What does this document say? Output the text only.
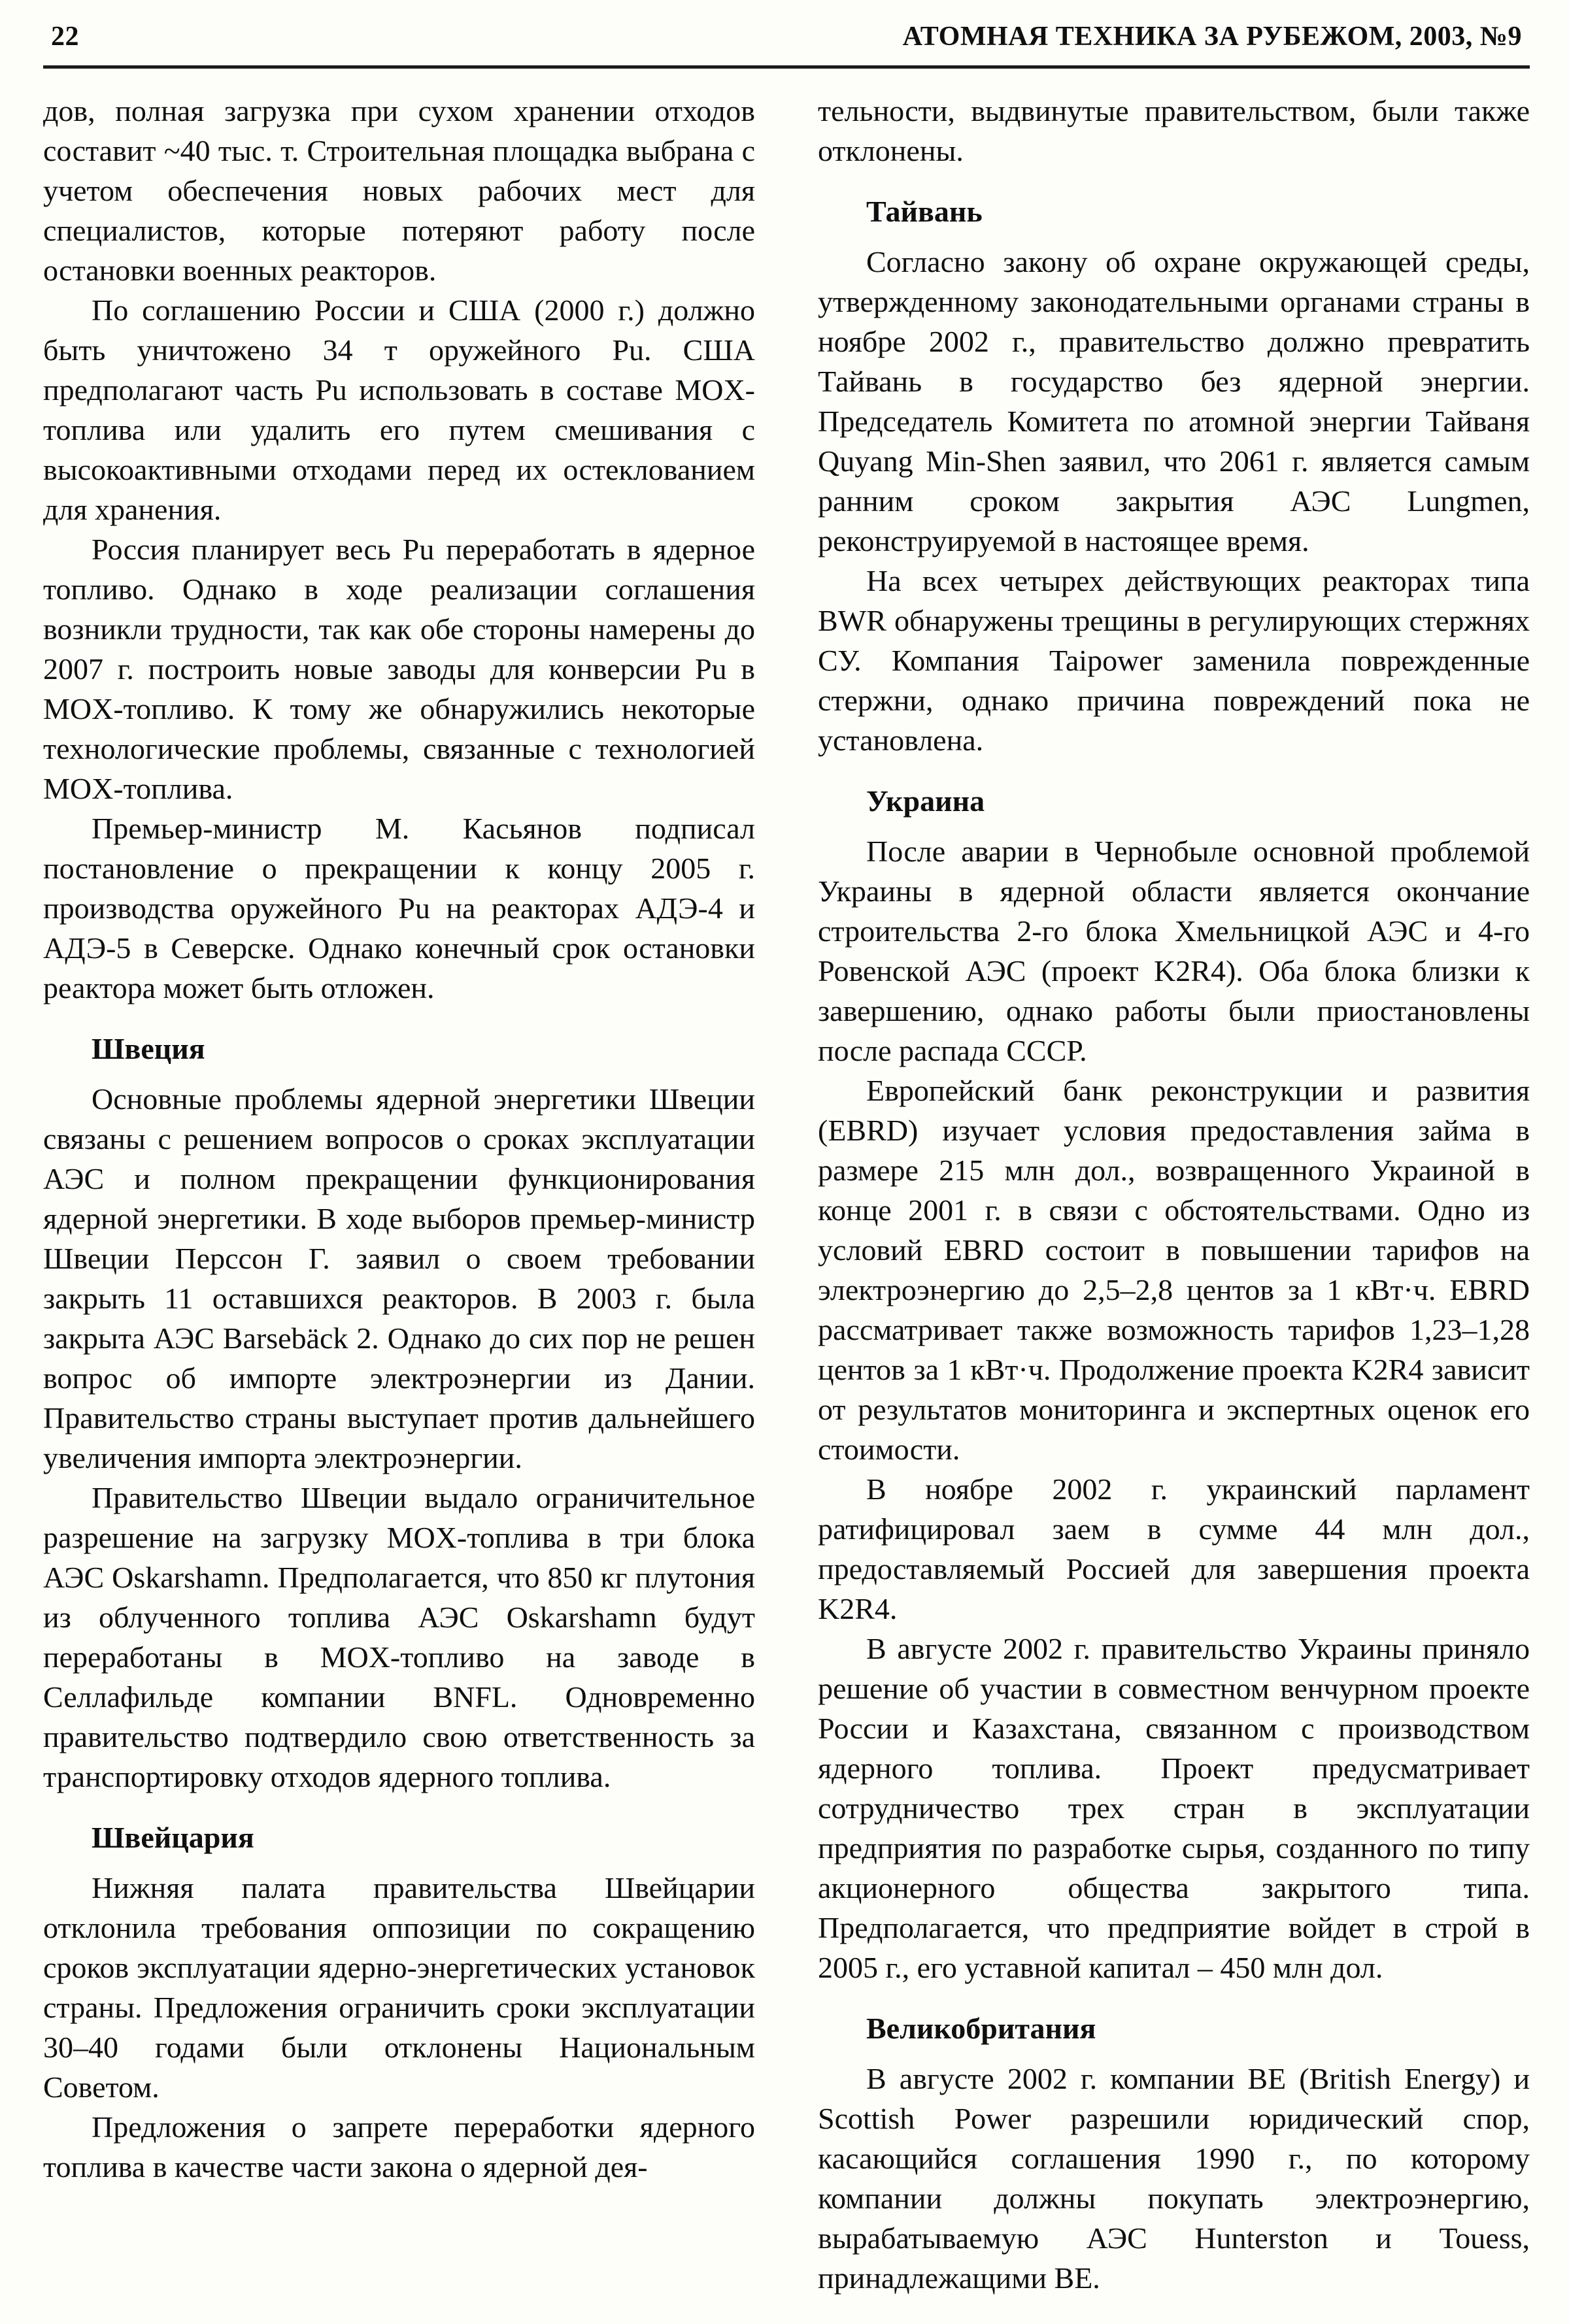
22	АТОМНАЯ ТЕХНИКА ЗА РУБЕЖОМ, 2003, №9

дов, полная загрузка при сухом хранении отходов составит ~40 тыс. т. Строительная площадка выбрана с учетом обеспечения новых рабочих мест для специалистов, которые потеряют работу после остановки военных реакторов.

По соглашению России и США (2000 г.) должно быть уничтожено 34 т оружейного Pu. США предполагают часть Pu использовать в составе MOX-топлива или удалить его путем смешивания с высокоактивными отходами перед их остеклованием для хранения.

Россия планирует весь Pu переработать в ядерное топливо. Однако в ходе реализации соглашения возникли трудности, так как обе стороны намерены до 2007 г. построить новые заводы для конверсии Pu в MOX-топливо. К тому же обнаружились некоторые технологические проблемы, связанные с технологией MOX-топлива.

Премьер-министр М. Касьянов подписал постановление о прекращении к концу 2005 г. производства оружейного Pu на реакторах АДЭ-4 и АДЭ-5 в Северске. Однако конечный срок остановки реактора может быть отложен.

Швеция

Основные проблемы ядерной энергетики Швеции связаны с решением вопросов о сроках эксплуатации АЭС и полном прекращении функционирования ядерной энергетики. В ходе выборов премьер-министр Швеции Перссон Г. заявил о своем требовании закрыть 11 оставшихся реакторов. В 2003 г. была закрыта АЭС Barsebäck 2. Однако до сих пор не решен вопрос об импорте электроэнергии из Дании. Правительство страны выступает против дальнейшего увеличения импорта электроэнергии.

Правительство Швеции выдало ограничительное разрешение на загрузку MOX-топлива в три блока АЭС Oskarshamn. Предполагается, что 850 кг плутония из облученного топлива АЭС Oskarshamn будут переработаны в MOX-топливо на заводе в Селлафильде компании BNFL. Одновременно правительство подтвердило свою ответственность за транспортировку отходов ядерного топлива.

Швейцария

Нижняя палата правительства Швейцарии отклонила требования оппозиции по сокращению сроков эксплуатации ядерно-энергетических установок страны. Предложения ограничить сроки эксплуатации 30–40 годами были отклонены Национальным Советом.

Предложения о запрете переработки ядерного топлива в качестве части закона о ядерной дея-

тельности, выдвинутые правительством, были также отклонены.

Тайвань

Согласно закону об охране окружающей среды, утвержденному законодательными органами страны в ноябре 2002 г., правительство должно превратить Тайвань в государство без ядерной энергии. Председатель Комитета по атомной энергии Тайваня Quyang Min-Shen заявил, что 2061 г. является самым ранним сроком закрытия АЭС Lungmen, реконструируемой в настоящее время.

На всех четырех действующих реакторах типа BWR обнаружены трещины в регулирующих стержнях СУ. Компания Taipower заменила поврежденные стержни, однако причина повреждений пока не установлена.

Украина

После аварии в Чернобыле основной проблемой Украины в ядерной области является окончание строительства 2-го блока Хмельницкой АЭС и 4-го Ровенской АЭС (проект K2R4). Оба блока близки к завершению, однако работы были приостановлены после распада СССР.

Европейский банк реконструкции и развития (EBRD) изучает условия предоставления займа в размере 215 млн дол., возвращенного Украиной в конце 2001 г. в связи с обстоятельствами. Одно из условий EBRD состоит в повышении тарифов на электроэнергию до 2,5–2,8 центов за 1 кВт·ч. EBRD рассматривает также возможность тарифов 1,23–1,28 центов за 1 кВт·ч. Продолжение проекта K2R4 зависит от результатов мониторинга и экспертных оценок его стоимости.

В ноябре 2002 г. украинский парламент ратифицировал заем в сумме 44 млн дол., предоставляемый Россией для завершения проекта K2R4.

В августе 2002 г. правительство Украины приняло решение об участии в совместном венчурном проекте России и Казахстана, связанном с производством ядерного топлива. Проект предусматривает сотрудничество трех стран в эксплуатации предприятия по разработке сырья, созданного по типу акционерного общества закрытого типа. Предполагается, что предприятие войдет в строй в 2005 г., его уставной капитал – 450 млн дол.

Великобритания

В августе 2002 г. компании BE (British Energy) и Scottish Power разрешили юридический спор, касающийся соглашения 1990 г., по которому компании должны покупать электроэнергию, вырабатываемую АЭС Hunterston и Touess, принадлежащими BE.
